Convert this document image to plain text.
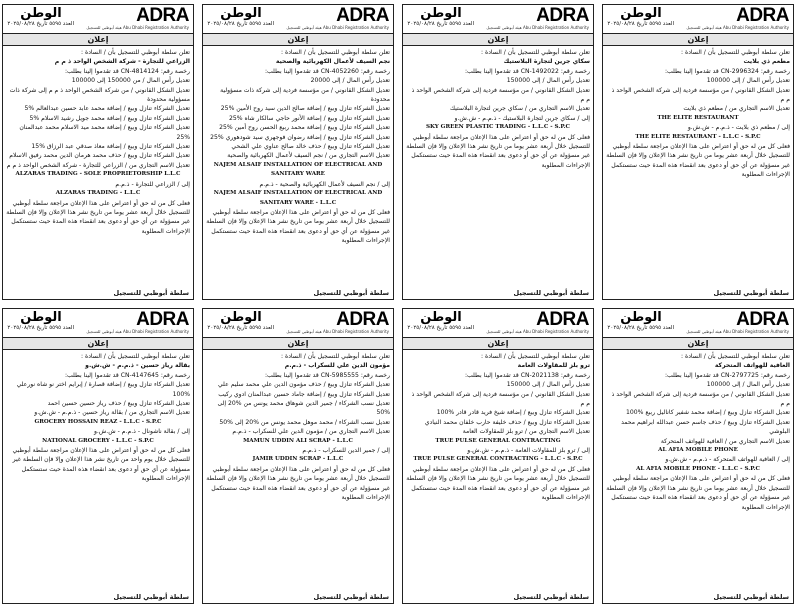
الوطن
العدد ٥٥٩٥ تاريخ ٢٠٢٥/٠٨/٢٨	ADRA
هيئة أبوظبي للتسجيل Abu Dhabi Registration Authority
إعلان
تعلن سلطة أبوظبي للتسجيل بأن / السادة :
مطعم ذي بلايت
رخصة رقم: CN-2996324 قد تقدموا إلينا بطلب:
تعديل رأس المال / إلى 100000
تعديل الشكل القانوني / من مؤسسة فردية إلى شركة الشخص الواحد ذ م م
تعديل الاسم التجاري من / مطعم ذي بلايت
THE ELITE RESTAURANT
إلى / مطعم ذي بلايت - ذ.م.م - ش.ش.و
THE ELITE RESTAURANT - L.L.C - S.P.C
فعلى كل من له حق أو اعتراض على هذا الإعلان مراجعة سلطة أبوظبي للتسجيل خلال أربعة عشر يوما من تاريخ نشر هذا الإعلان وإلا فإن السلطة غير مسؤولة عن أي حق أو دعوى بعد انقضاء هذه المدة حيث ستستكمل الإجراءات المطلوبة
سلطة أبوظبي للتسجيل
الوطن
العدد ٥٥٩٥ تاريخ ٢٠٢٥/٠٨/٢٨	ADRA
هيئة أبوظبي للتسجيل Abu Dhabi Registration Authority
إعلان
تعلن سلطة أبوظبي للتسجيل بأن / السادة :
سكاي جرين لتجارة البلاستيك
رخصة رقم: CN-1492022 قد تقدموا إلينا بطلب:
تعديل رأس المال / إلى 150000
تعديل الشكل القانوني / من مؤسسة فردية إلى شركة الشخص الواحد ذ م م
تعديل الاسم التجاري من / سكاي جرين لتجارة البلاستيك
إلى / سكاي جرين لتجارة البلاستيك - ذ.م.م - ش.ش.و
SKY GREEN PLASTIC TRADING - L.L.C - S.P.C
فعلى كل من له حق أو اعتراض على هذا الإعلان مراجعة سلطة أبوظبي للتسجيل خلال أربعة عشر يوما من تاريخ نشر هذا الإعلان وإلا فإن السلطة غير مسؤولة عن أي حق أو دعوى بعد انقضاء هذه المدة حيث ستستكمل الإجراءات المطلوبة
سلطة أبوظبي للتسجيل
الوطن
العدد ٥٥٩٥ تاريخ ٢٠٢٥/٠٨/٢٨	ADRA
هيئة أبوظبي للتسجيل Abu Dhabi Registration Authority
إعلان
تعلن سلطة أبوظبي للتسجيل بأن / السادة :
نجم السيف لأعمال الكهربائية والصحية
رخصة رقم: CN-4052260 قد تقدموا إلينا بطلب:
تعديل رأس المال / إلى 20000
تعديل الشكل القانوني / من مؤسسة فردية إلى شركة ذات مسؤولية محدودة
تعديل الشركاء تنازل وبيع / إضافة صالح الدين سيد روح الأمين %25
تعديل الشركاء تنازل وبيع / إضافة الأنور حاجي سالكار شاه %25
تعديل الشركاء تنازل وبيع / إضافة محمد ربيع الحسن روح أمين %25
تعديل الشركاء تنازل وبيع / إضافة رضوان فوجهري سيد شودهوري %25
تعديل الشركاء تنازل وبيع / حذف خالد صالح عناوي علي الشحي
تعديل الاسم التجاري من / نجم السيف لأعمال الكهربائية والصحية
NAJEM ALSAIF INSTALLATION OF ELECTRICAL AND SANITARY WARE
إلى / نجم السيف لأعمال الكهربائية والصحية - ذ.م.م
NAJEM ALSAIF INSTALLATION OF ELECTRICAL AND SANITARY WARE - L.L.C
فعلى كل من له حق أو اعتراض على هذا الإعلان مراجعة سلطة أبوظبي للتسجيل خلال أربعة عشر يوما من تاريخ نشر هذا الإعلان وإلا فإن السلطة غير مسؤولة عن أي حق أو دعوى بعد انقضاء هذه المدة حيث ستستكمل الإجراءات المطلوبة
سلطة أبوظبي للتسجيل
الوطن
العدد ٥٥٩٥ تاريخ ٢٠٢٥/٠٨/٢٨	ADRA
هيئة أبوظبي للتسجيل Abu Dhabi Registration Authority
إعلان
تعلن سلطة أبوظبي للتسجيل بأن / السادة :
الزراعي للتجارة - شركة الشخص الواحد ذ م م
رخصة رقم: CN-4814124 قد تقدموا إلينا بطلب:
تعديل رأس المال / من 150000 إلى 100000
تعديل الشكل القانوني / من شركة الشخص الواحد ذ م م إلى شركة ذات مسؤولية محدودة
تعديل الشركاء تنازل وبيع / إضافة محمد عابد حسين عبدالعالم %5
تعديل الشركاء تنازل وبيع / إضافة محمد جويل رشيد الاسلام %5
تعديل الشركاء تنازل وبيع / إضافة محمد ميد الاسلام محمد عبدالمنان %25
تعديل الشركاء تنازل وبيع / إضافة معاذ صدقي عبد الرزاق %15
تعديل الشركاء تنازل وبيع / حذف محمد هرمان الدين محمد رفيق الاسلام
تعديل الاسم التجاري من / الزراعي للتجارة - شركة الشخص الواحد ذ م م
ALZARAS TRADING - SOLE PROPRIETORSHIP L.L.C
إلى / الزراعي للتجارة - ذ.م.م
ALZARAS TRADING - L.L.C
فعلى كل من له حق أو اعتراض على هذا الإعلان مراجعة سلطة أبوظبي للتسجيل خلال أربعة عشر يوما من تاريخ نشر هذا الإعلان وإلا فإن السلطة غير مسؤولة عن أي حق أو دعوى بعد انقضاء هذه المدة حيث ستستكمل الإجراءات المطلوبة
سلطة أبوظبي للتسجيل
الوطن
العدد ٥٥٩٥ تاريخ ٢٠٢٥/٠٨/٢٨	ADRA
هيئة أبوظبي للتسجيل Abu Dhabi Registration Authority
إعلان
تعلن سلطة أبوظبي للتسجيل بأن / السادة :
العافية للهواتف المتحركة
رخصة رقم: CN-2797725 قد تقدموا إلينا بطلب:
تعديل رأس المال / إلى 100000
تعديل الشكل القانوني / من مؤسسة فردية إلى شركة الشخص الواحد ذ م م
تعديل الشركاء تنازل وبيع / إضافة محمد شفير كاناليل ربيع %100
تعديل الشركاء تنازل وبيع / حذف جاسم حسن عبدالله ابراهيم محمد البلوشي
تعديل الاسم التجاري من / العافية للهواتف المتحركة
AL AFIA MOBILE PHONE
إلى / العافية للهواتف المتحركة - ذ.م.م - ش.ش.و
AL AFIA MOBILE PHONE - L.L.C - S.P.C
فعلى كل من له حق أو اعتراض على هذا الإعلان مراجعة سلطة أبوظبي للتسجيل خلال أربعة عشر يوما من تاريخ نشر هذا الإعلان وإلا فإن السلطة غير مسؤولة عن أي حق أو دعوى بعد انقضاء هذه المدة حيث ستستكمل الإجراءات المطلوبة
سلطة أبوظبي للتسجيل
الوطن
العدد ٥٥٩٥ تاريخ ٢٠٢٥/٠٨/٢٨	ADRA
هيئة أبوظبي للتسجيل Abu Dhabi Registration Authority
إعلان
تعلن سلطة أبوظبي للتسجيل بأن / السادة :
ترو بلز للمقاولات العامة
رخصة رقم: CN-2021138 قد تقدموا إلينا بطلب:
تعديل رأس المال / إلى 150000
تعديل الشكل القانوني / من مؤسسة فردية إلى شركة الشخص الواحد ذ م م
تعديل الشركاء تنازل وبيع / إضافة شيخ فريد قادر قادر %100
تعديل الشركاء تنازل وبيع / حذف خليفة حارب خلفان محمد النيادي
تعديل الاسم التجاري من / ترو بلز للمقاولات العامة
TRUE PULSE GENERAL CONTRACTING
إلى / ترو بلز للمقاولات العامة - ذ.م.م - ش.ش.و
TRUE PULSE GENERAL CONTRACTING - L.L.C - S.P.C
فعلى كل من له حق أو اعتراض على هذا الإعلان مراجعة سلطة أبوظبي للتسجيل خلال أربعة عشر يوما من تاريخ نشر هذا الإعلان وإلا فإن السلطة غير مسؤولة عن أي حق أو دعوى بعد انقضاء هذه المدة حيث ستستكمل الإجراءات المطلوبة
سلطة أبوظبي للتسجيل
الوطن
العدد ٥٥٩٥ تاريخ ٢٠٢٥/٠٨/٢٨	ADRA
هيئة أبوظبي للتسجيل Abu Dhabi Registration Authority
إعلان
تعلن سلطة أبوظبي للتسجيل بأن / السادة :
مؤمون الدين علي للسكراب - ذ.م.م
رخصة رقم: CN-5985555 قد تقدموا إلينا بطلب:
تعديل الشركاء تنازل وبيع / حذف مؤمون الدين علي محمد سليم علي
تعديل الشركاء تنازل وبيع / إضافة جاماد حسين عبدالمنان ادوي ركيب
تعديل نسب الشركاء / جمير الدين شوهاق محمد يونس من %20 إلى %50
تعديل نسب الشركاء / محمد موهل محمد يونس من %20 إلى %50
تعديل الاسم التجاري من / مؤمون الدين علي للسكراب - ذ.م.م
MAMUN UDDIN ALI SCRAP - L.L.C
إلى / جمير الدين للسكراب - ذ.م.م
JAMIR UDDIN SCRAP - L.L.C
فعلى كل من له حق أو اعتراض على هذا الإعلان مراجعة سلطة أبوظبي للتسجيل خلال أربعة عشر يوما من تاريخ نشر هذا الإعلان وإلا فإن السلطة غير مسؤولة عن أي حق أو دعوى بعد انقضاء هذه المدة حيث ستستكمل الإجراءات المطلوبة
سلطة أبوظبي للتسجيل
الوطن
العدد ٥٥٩٥ تاريخ ٢٠٢٥/٠٨/٢٨	ADRA
هيئة أبوظبي للتسجيل Abu Dhabi Registration Authority
إعلان
تعلن سلطة أبوظبي للتسجيل بأن / السادة :
بقالة رياز حسين - ذ.م.م - ش.ش.و
رخصة رقم: CN-4147645 قد تقدموا إلينا بطلب:
تعديل الشركاء تنازل وبيع / إضافة قصارة / إبرايم اختر نو شاه نورعلي %100
تعديل الشركاء تنازل وبيع / حذف رياز حسين حسين احمد
تعديل الاسم التجاري من / بقالة رياز حسين - ذ.م.م - ش.ش.و
GROCERY HOSSAIN REAZ - L.L.C - S.P.C
إلى / بقالة ناشونال - ذ.م.م - ش.ش.و
NATIONAL GROCERY - L.L.C - S.P.C
فعلى كل من له حق أو اعتراض على هذا الإعلان مراجعة سلطة أبوظبي للتسجيل خلال يوم واحد من تاريخ نشر هذا الإعلان وإلا فإن السلطة غير مسؤولة عن أي حق أو دعوى بعد انقضاء هذه المدة حيث ستستكمل الإجراءات المطلوبة
سلطة أبوظبي للتسجيل
